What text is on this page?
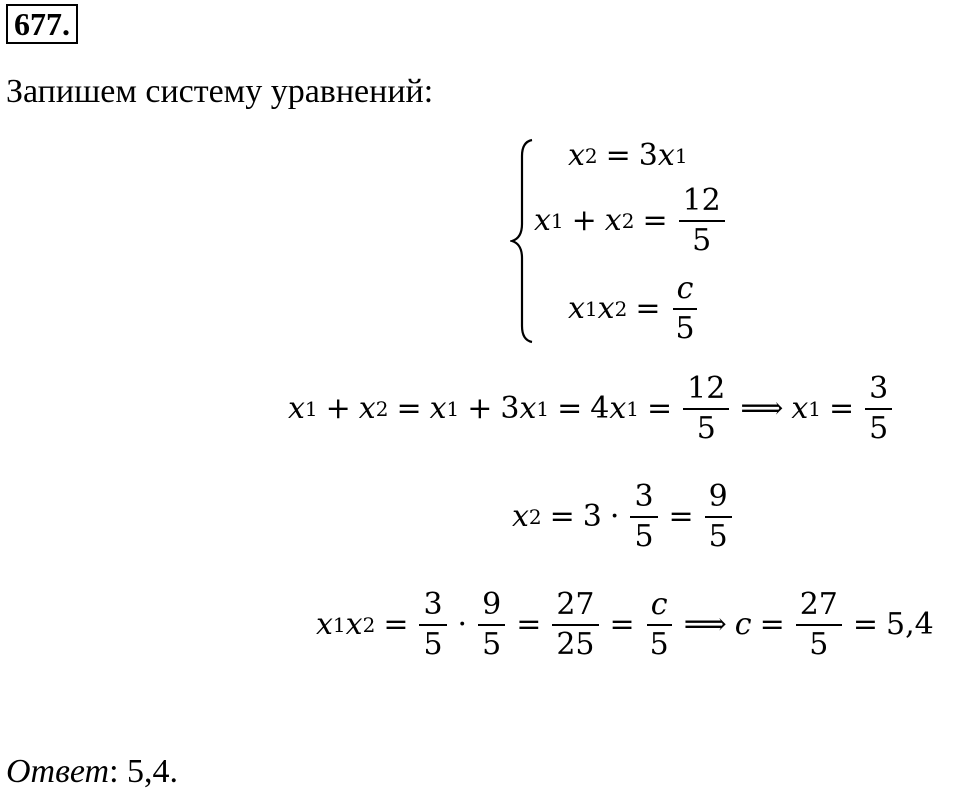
677.
Запишем систему уравнений:
x 2 = 3 x 1
x 1 + x $2 = \frac{12}{5}$
x 1 x $2 = \frac{c}{5}$
x 1 + x 2 = x 1 + 3 x 1 = 4 x $1 = \frac{12}{5}$ ⟹ x $1 = \frac{3}{5}$
x $2 = 3 \cdot \frac{3}{5} = \frac{9}{5}$
x 1 x $2 = \frac{3}{5} \cdot \frac{9}{5} = \frac{27}{25} = \frac{c}{5}$ ⟹ $c = \frac{27}{5} = 5,4$
Ответ: 5,4.
